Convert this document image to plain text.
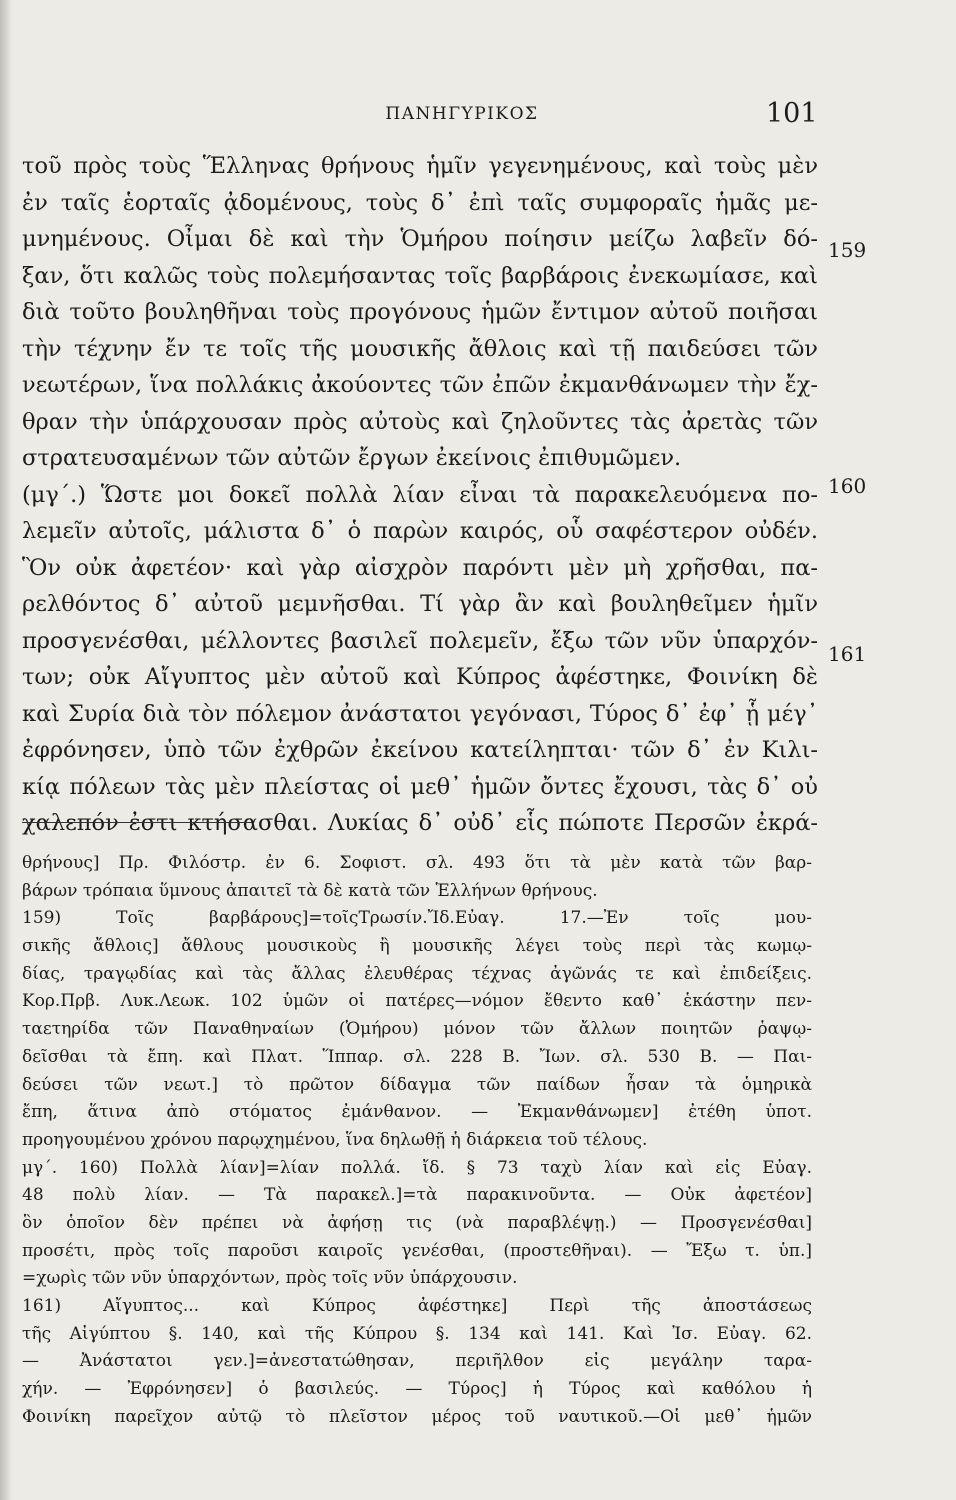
ΠΑΝΗΓΥΡΙΚΟΣ	101
τοῦ πρὸς τοὺς Ἕλληνας θρήνους ἡμῖν γεγενημένους, καὶ τοὺς μὲν
ἐν ταῖς ἑορταῖς ᾀδομένους, τοὺς δ᾽ ἐπὶ ταῖς συμφοραῖς ἡμᾶς με-
μνημένους. Οἶμαι δὲ καὶ τὴν Ὁμήρου ποίησιν μείζω λαβεῖν δό-
ξαν, ὅτι καλῶς τοὺς πολεμήσαντας τοῖς βαρβάροις ἐνεκωμίασε, καὶ
διὰ τοῦτο βουληθῆναι τοὺς προγόνους ἡμῶν ἔντιμον αὐτοῦ ποιῆσαι
τὴν τέχνην ἔν τε τοῖς τῆς μουσικῆς ἄθλοις καὶ τῇ παιδεύσει τῶν
νεωτέρων, ἵνα πολλάκις ἀκούοντες τῶν ἐπῶν ἐκμανθάνωμεν τὴν ἔχ-
θραν τὴν ὑπάρχουσαν πρὸς αὐτοὺς καὶ ζηλοῦντες τὰς ἀρετὰς τῶν
στρατευσαμένων τῶν αὐτῶν ἔργων ἐκείνοις ἐπιθυμῶμεν.
(μγ´.) Ὥστε μοι δοκεῖ πολλὰ λίαν εἶναι τὰ παρακελευόμενα πο-
λεμεῖν αὐτοῖς, μάλιστα δ᾽ ὁ παρὼν καιρός, οὗ σαφέστερον οὐδέν.
Ὃν οὐκ ἀφετέον· καὶ γὰρ αἰσχρὸν παρόντι μὲν μὴ χρῆσθαι, πα-
ρελθόντος δ᾽ αὐτοῦ μεμνῆσθαι. Τί γὰρ ἂν καὶ βουληθεῖμεν ἡμῖν
προσγενέσθαι, μέλλοντες βασιλεῖ πολεμεῖν, ἔξω τῶν νῦν ὑπαρχόν-
των; οὐκ Αἴγυπτος μὲν αὐτοῦ καὶ Κύπρος ἀφέστηκε, Φοινίκη δὲ
καὶ Συρία διὰ τὸν πόλεμον ἀνάστατοι γεγόνασι, Τύρος δ᾽ ἐφ᾽ ᾗ μέγ᾽
ἐφρόνησεν, ὑπὸ τῶν ἐχθρῶν ἐκείνου κατείληπται· τῶν δ᾽ ἐν Κιλι-
κίᾳ πόλεων τὰς μὲν πλείστας οἱ μεθ᾽ ἡμῶν ὄντες ἔχουσι, τὰς δ᾽ οὐ
χαλεπόν ἐστι κτήσασθαι. Λυκίας δ᾽ οὐδ᾽ εἷς πώποτε Περσῶν ἐκρά-
159
160
161
θρήνους] Πρ. Φιλόστρ. ἐν 6. Σοφιστ. σλ. 493 ὅτι τὰ μὲν κατὰ τῶν βαρ-
βάρων τρόπαια ὕμνους ἀπαιτεῖ τὰ δὲ κατὰ τῶν Ἑλλήνων θρήνους.
159) Τοῖς βαρβάρους]=τοῖςΤρωσίν.Ἴδ.Εὐαγ. 17.—Ἐν τοῖς μου-
σικῆς ἄθλοις] ἄθλους μουσικοὺς ἢ μουσικῆς λέγει τοὺς περὶ τὰς κωμῳ-
δίας, τραγῳδίας καὶ τὰς ἄλλας ἐλευθέρας τέχνας ἀγῶνάς τε καὶ ἐπιδείξεις.
Κορ.Πρβ. Λυκ.Λεωκ. 102 ὑμῶν οἱ πατέρες—νόμον ἔθεντο καθ᾽ ἑκάστην πεν-
ταετηρίδα τῶν Παναθηναίων (Ὁμήρου) μόνον τῶν ἄλλων ποιητῶν ῥαψῳ-
δεῖσθαι τὰ ἔπη. καὶ Πλατ. Ἵππαρ. σλ. 228 Β. Ἴων. σλ. 530 Β. — Παι-
δεύσει τῶν νεωτ.] τὸ πρῶτον δίδαγμα τῶν παίδων ἦσαν τὰ ὁμηρικὰ
ἔπη, ἅτινα ἀπὸ στόματος ἐμάνθανον. — Ἐκμανθάνωμεν] ἐτέθη ὑποτ.
προηγουμένου χρόνου παρῳχημένου, ἵνα δηλωθῇ ἡ διάρκεια τοῦ τέλους.
μγ´. 160) Πολλὰ λίαν]=λίαν πολλά. ἴδ. § 73 ταχὺ λίαν καὶ εἰς Εὐαγ.
48 πολὺ λίαν. — Τὰ παρακελ.]=τὰ παρακινοῦντα. — Οὐκ ἀφετέον]
ὃν ὁποῖον δὲν πρέπει νὰ ἀφήσῃ τις (νὰ παραβλέψῃ.) — Προσγενέσθαι]
προσέτι, πρὸς τοῖς παροῦσι καιροῖς γενέσθαι, (προστεθῆναι). — Ἔξω τ. ὑπ.]
=χωρὶς τῶν νῦν ὑπαρχόντων, πρὸς τοῖς νῦν ὑπάρχουσιν.
161) Αἴγυπτος... καὶ Κύπρος ἀφέστηκε] Περὶ τῆς ἀποστάσεως
τῆς Αἰγύπτου §. 140, καὶ τῆς Κύπρου §. 134 καὶ 141. Καὶ Ἰσ. Εὐαγ. 62.
— Ἀνάστατοι γεν.]=ἀνεστατώθησαν, περιῆλθον εἰς μεγάλην ταρα-
χήν. — Ἐφρόνησεν] ὁ βασιλεύς. — Τύρος] ἡ Τύρος καὶ καθόλου ἡ
Φοινίκη παρεῖχον αὐτῷ τὸ πλεῖστον μέρος τοῦ ναυτικοῦ.—Οἱ μεθ᾽ ἡμῶν
